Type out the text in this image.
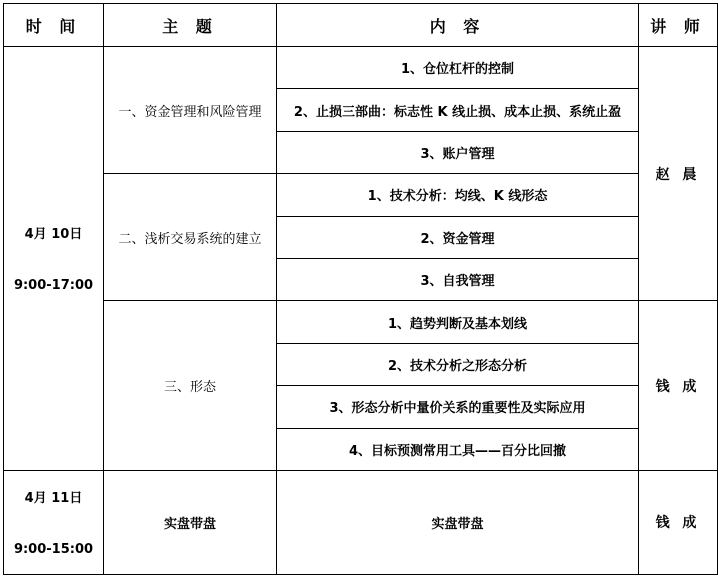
时 间	主 题	内 容	讲 师

4月 10日
9:00-17:00	一、资金管理和风险管理	1、仓位杠杆的控制	赵 晨
		2、止损三部曲：标志性 K 线止损、成本止损、系统止盈	
		3、账户管理	
	二、浅析交易系统的建立	1、技术分析：均线、K 线形态	
		2、资金管理	
		3、自我管理	
	三、形态	1、趋势判断及基本划线	钱 成
		2、技术分析之形态分析	
		3、形态分析中量价关系的重要性及实际应用	
		4、目标预测常用工具——百分比回撤	

4月 11日
9:00-15:00	实盘带盘	实盘带盘	钱 成
